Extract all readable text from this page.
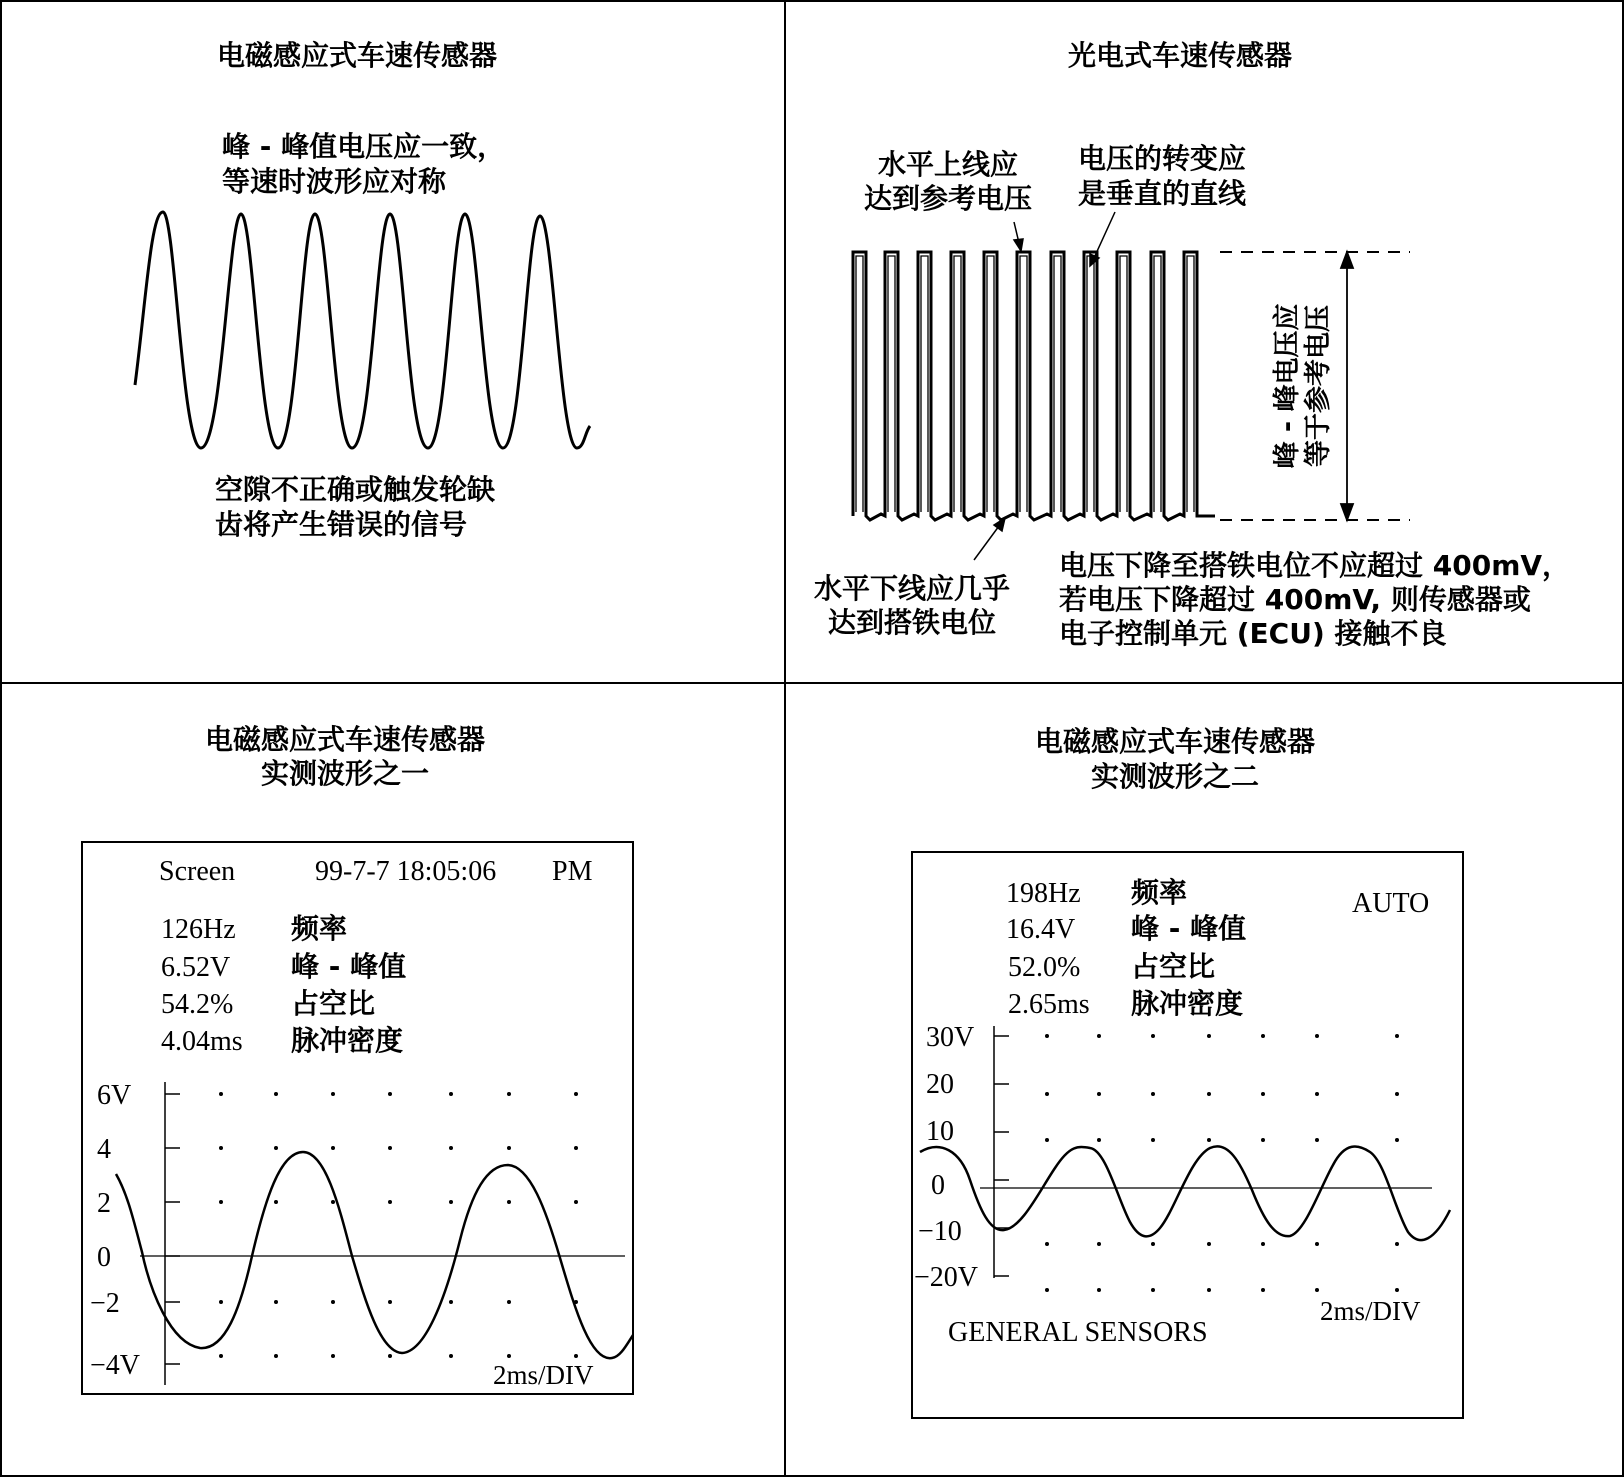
电磁感应式车速传感器
峰 - 峰值电压应一致，
等速时波形应对称
空隙不正确或触发轮缺
齿将产生错误的信号
光电式车速传感器
水平上线应
达到参考电压
电压的转变应
是垂直的直线
峰 - 峰电压应 等于参考电压
水平下线应几乎
达到搭铁电位
电压下降至搭铁电位不应超过 400mV，
若电压下降超过 400mV, 则传感器或
电子控制单元 (ECU) 接触不良
电磁感应式车速传感器
实测波形之一
Screen	99-7-7 18:05:06 PM
126Hz 频率
6.52V 峰 - 峰值
54.2% 占空比
4.04ms 脉冲密度
6V
4
2
0
−2
−4V	2ms/DIV
电磁感应式车速传感器
实测波形之二
198Hz 频率	AUTO
16.4V 峰 - 峰值
52.0% 占空比
2.65ms 脉冲密度
30V
20
10
0
−10
−20V
GENERAL SENSORS
2ms/DIV
